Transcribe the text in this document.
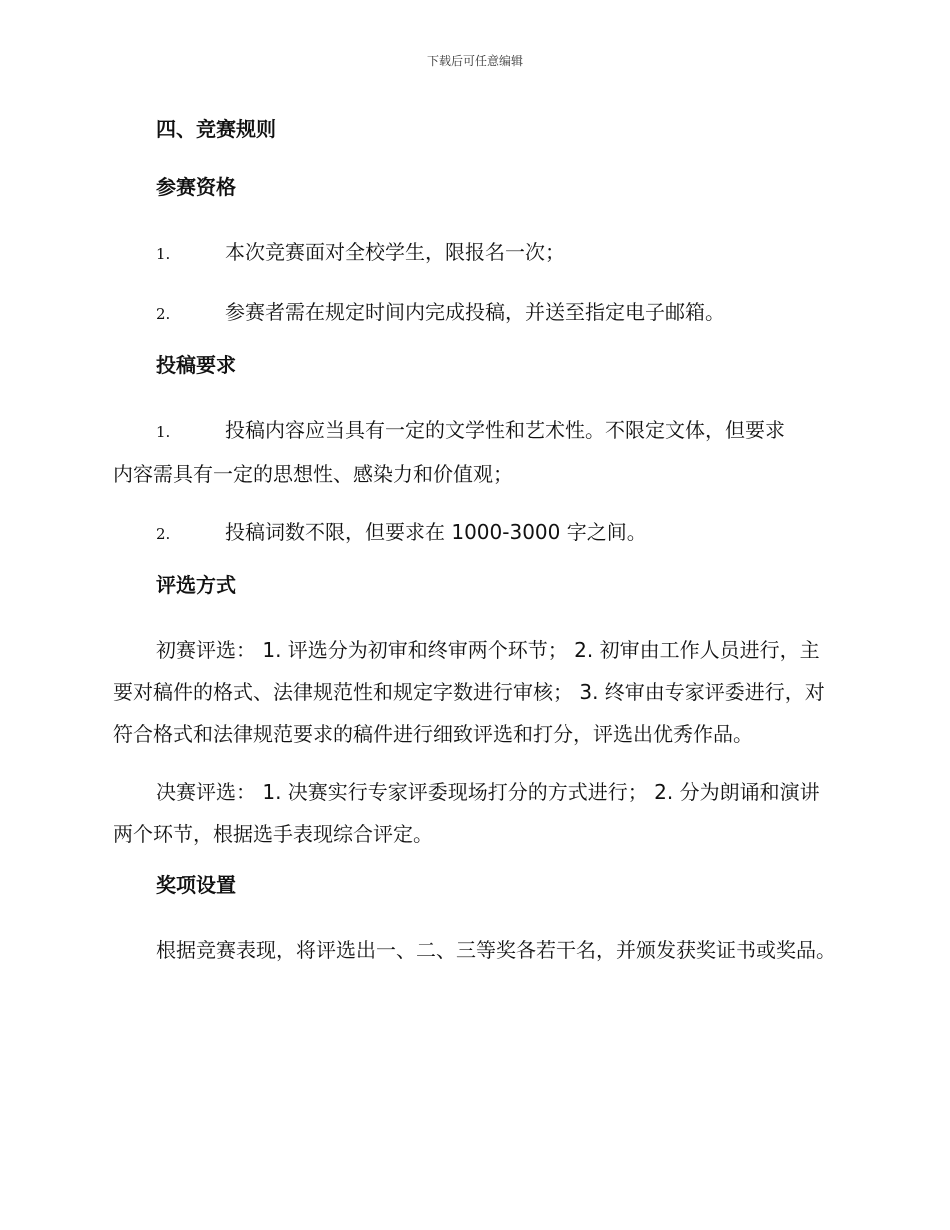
下载后可任意编辑
四、竞赛规则
参赛资格
1.	本次竞赛面对全校学生，限报名一次；
2.	参赛者需在规定时间内完成投稿，并送至指定电子邮箱。
投稿要求
1.	投稿内容应当具有一定的文学性和艺术性。不限定文体，但要求
内容需具有一定的思想性、感染力和价值观；
2.	投稿词数不限，但要求在 1000-3000 字之间。
评选方式

初赛评选： 1. 评选分为初审和终审两个环节； 2. 初审由工作人员进行，主要对稿件的格式、法律规范性和规定字数进行审核； 3. 终审由专家评委进行，对符合格式和法律规范要求的稿件进行细致评选和打分，评选出优秀作品。

决赛评选： 1. 决赛实行专家评委现场打分的方式进行； 2. 分为朗诵和演讲两个环节，根据选手表现综合评定。

奖项设置

根据竞赛表现，将评选出一、二、三等奖各若干名，并颁发获奖证书或奖品。
